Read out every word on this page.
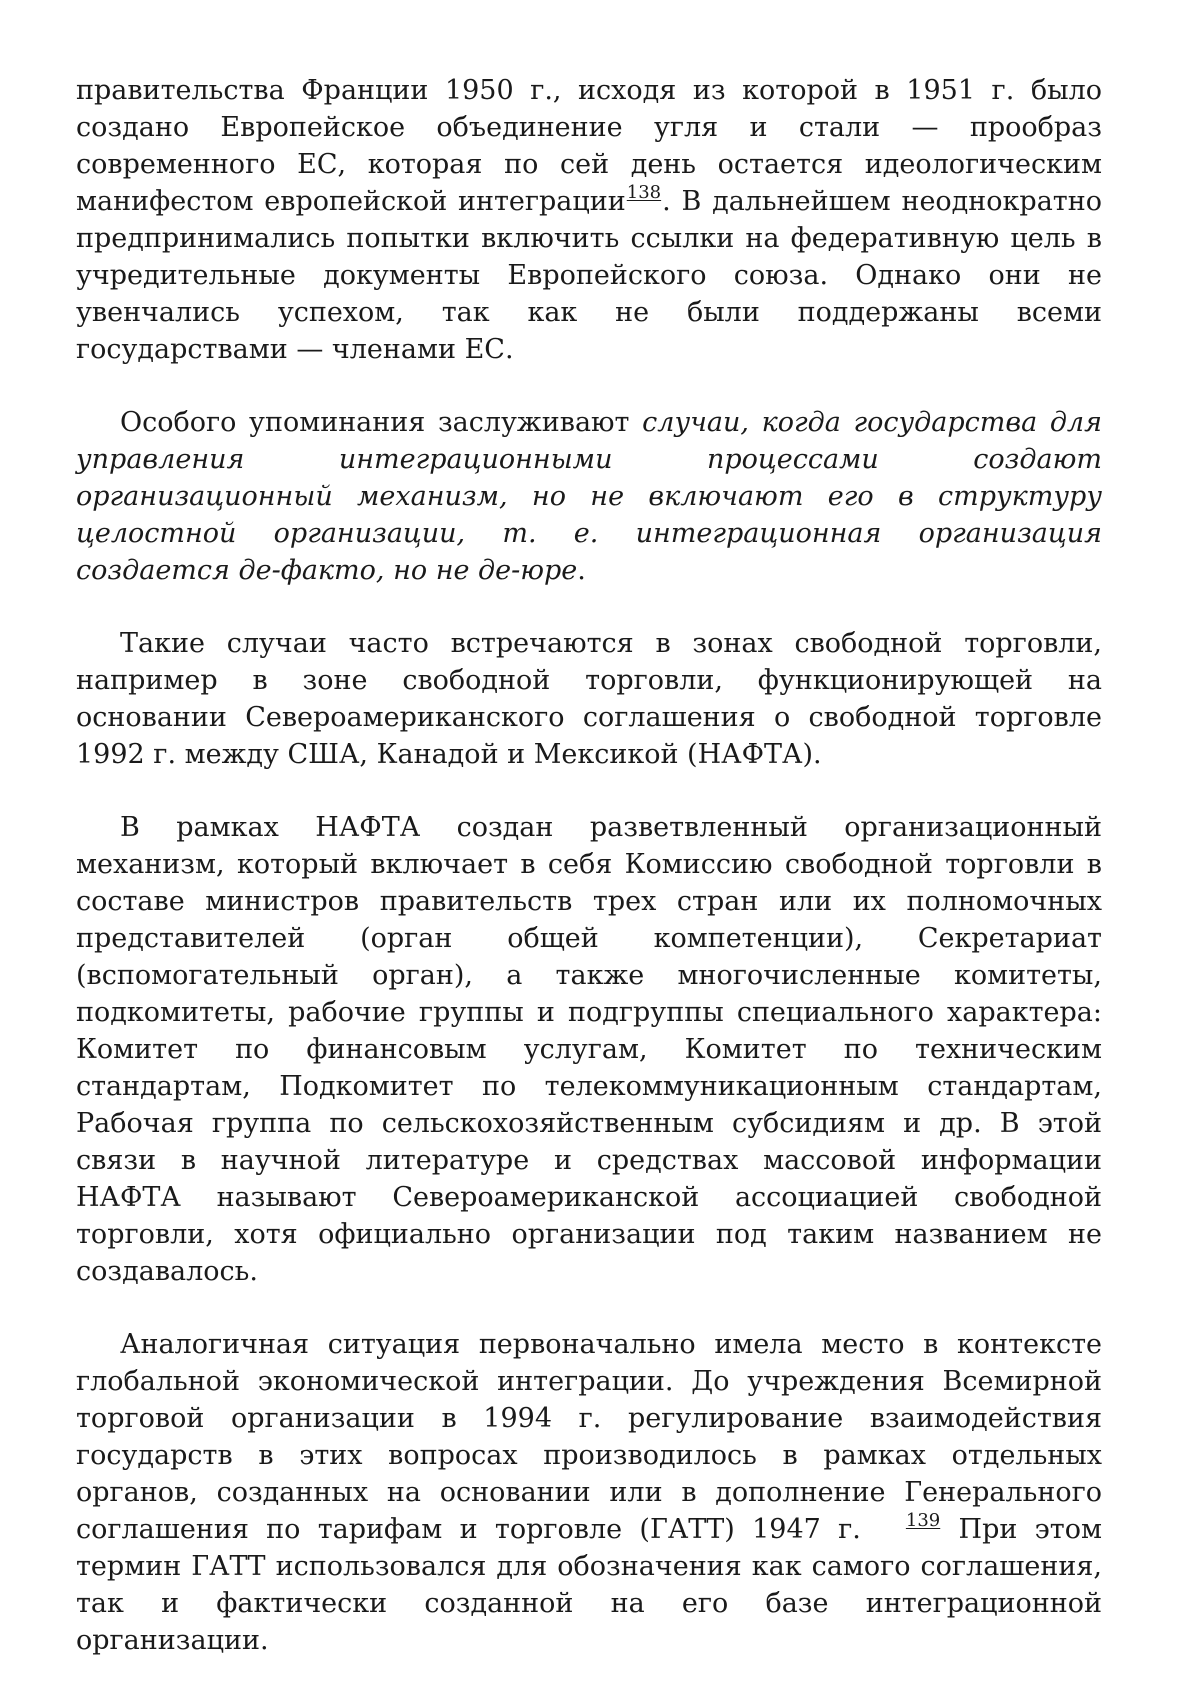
правительства Франции 1950 г., исходя из которой в 1951 г. было создано Европейское объединение угля и стали — прообраз современного ЕС, которая по сей день остается идеологическим манифестом европейской интеграции138. В дальнейшем неоднократно предпринимались попытки включить ссылки на федеративную цель в учредительные документы Европейского союза. Однако они не увенчались успехом, так как не были поддержаны всеми государствами — членами ЕС.

Особого упоминания заслуживают случаи, когда государства для управления интеграционными процессами создают организационный механизм, но не включают его в структуру целостной организации, т. е. интеграционная организация создается де-факто, но не де-юре.

Такие случаи часто встречаются в зонах свободной торговли, например в зоне свободной торговли, функционирующей на основании Североамериканского соглашения о свободной торговле 1992 г. между США, Канадой и Мексикой (НАФТА).

В рамках НАФТА создан разветвленный организационный механизм, который включает в себя Комиссию свободной торговли в составе министров правительств трех стран или их полномочных представителей (орган общей компетенции), Секретариат (вспомогательный орган), а также многочисленные комитеты, подкомитеты, рабочие группы и подгруппы специального характера: Комитет по финансовым услугам, Комитет по техническим стандартам, Подкомитет по телекоммуникационным стандартам, Рабочая группа по сельскохозяйственным субсидиям и др. В этой связи в научной литературе и средствах массовой информации НАФТА называют Североамериканской ассоциацией свободной торговли, хотя официально организации под таким названием не создавалось.

Аналогичная ситуация первоначально имела место в контексте глобальной экономической интеграции. До учреждения Всемирной торговой организации в 1994 г. регулирование взаимодействия государств в этих вопросах производилось в рамках отдельных органов, созданных на основании или в дополнение Генерального соглашения по тарифам и торговле (ГАТТ) 1947 г.	139 При этом термин ГАТТ использовался для обозначения как самого соглашения, так и фактически созданной на его базе интеграционной организации.
